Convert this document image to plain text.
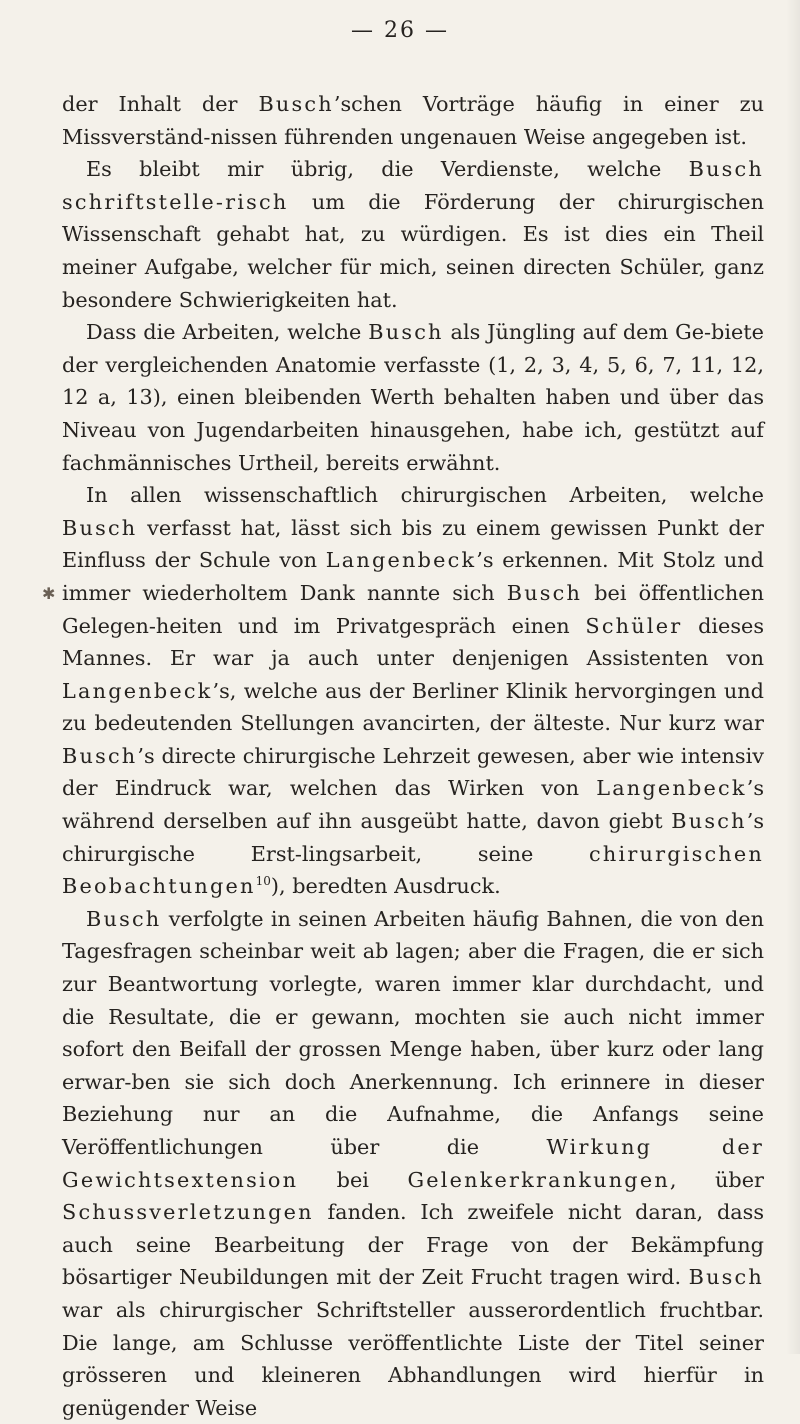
— 26 —
✱

der Inhalt der Busch’schen Vorträge häufig in einer zu Missverständ-nissen führenden ungenauen Weise angegeben ist.

Es bleibt mir übrig, die Verdienste, welche Busch schriftstelle-risch um die Förderung der chirurgischen Wissenschaft gehabt hat, zu würdigen. Es ist dies ein Theil meiner Aufgabe, welcher für mich, seinen directen Schüler, ganz besondere Schwierigkeiten hat.

Dass die Arbeiten, welche Busch als Jüngling auf dem Ge-biete der vergleichenden Anatomie verfasste (1, 2, 3, 4, 5, 6, 7, 11, 12, 12 a, 13), einen bleibenden Werth behalten haben und über das Niveau von Jugendarbeiten hinausgehen, habe ich, gestützt auf fachmännisches Urtheil, bereits erwähnt.

In allen wissenschaftlich chirurgischen Arbeiten, welche Busch verfasst hat, lässt sich bis zu einem gewissen Punkt der Einfluss der Schule von Langenbeck’s erkennen. Mit Stolz und immer wiederholtem Dank nannte sich Busch bei öffentlichen Gelegen-heiten und im Privatgespräch einen Schüler dieses Mannes. Er war ja auch unter denjenigen Assistenten von Langenbeck’s, welche aus der Berliner Klinik hervorgingen und zu bedeutenden Stellungen avancirten, der älteste. Nur kurz war Busch’s directe chirurgische Lehrzeit gewesen, aber wie intensiv der Eindruck war, welchen das Wirken von Langenbeck’s während derselben auf ihn ausgeübt hatte, davon giebt Busch’s chirurgische Erst-lingsarbeit, seine chirurgischen Beobachtungen$^{10}$), beredten Ausdruck.

Busch verfolgte in seinen Arbeiten häufig Bahnen, die von den Tagesfragen scheinbar weit ab lagen; aber die Fragen, die er sich zur Beantwortung vorlegte, waren immer klar durchdacht, und die Resultate, die er gewann, mochten sie auch nicht immer sofort den Beifall der grossen Menge haben, über kurz oder lang erwar-ben sie sich doch Anerkennung. Ich erinnere in dieser Beziehung nur an die Aufnahme, die Anfangs seine Veröffentlichungen über die Wirkung der Gewichtsextension bei Gelenkerkrankungen, über Schussverletzungen fanden. Ich zweifele nicht daran, dass auch seine Bearbeitung der Frage von der Bekämpfung bösartiger Neubildungen mit der Zeit Frucht tragen wird. Busch war als chirurgischer Schriftsteller ausserordentlich fruchtbar. Die lange, am Schlusse veröffentlichte Liste der Titel seiner grösseren und kleineren Abhandlungen wird hierfür in genügender Weise
